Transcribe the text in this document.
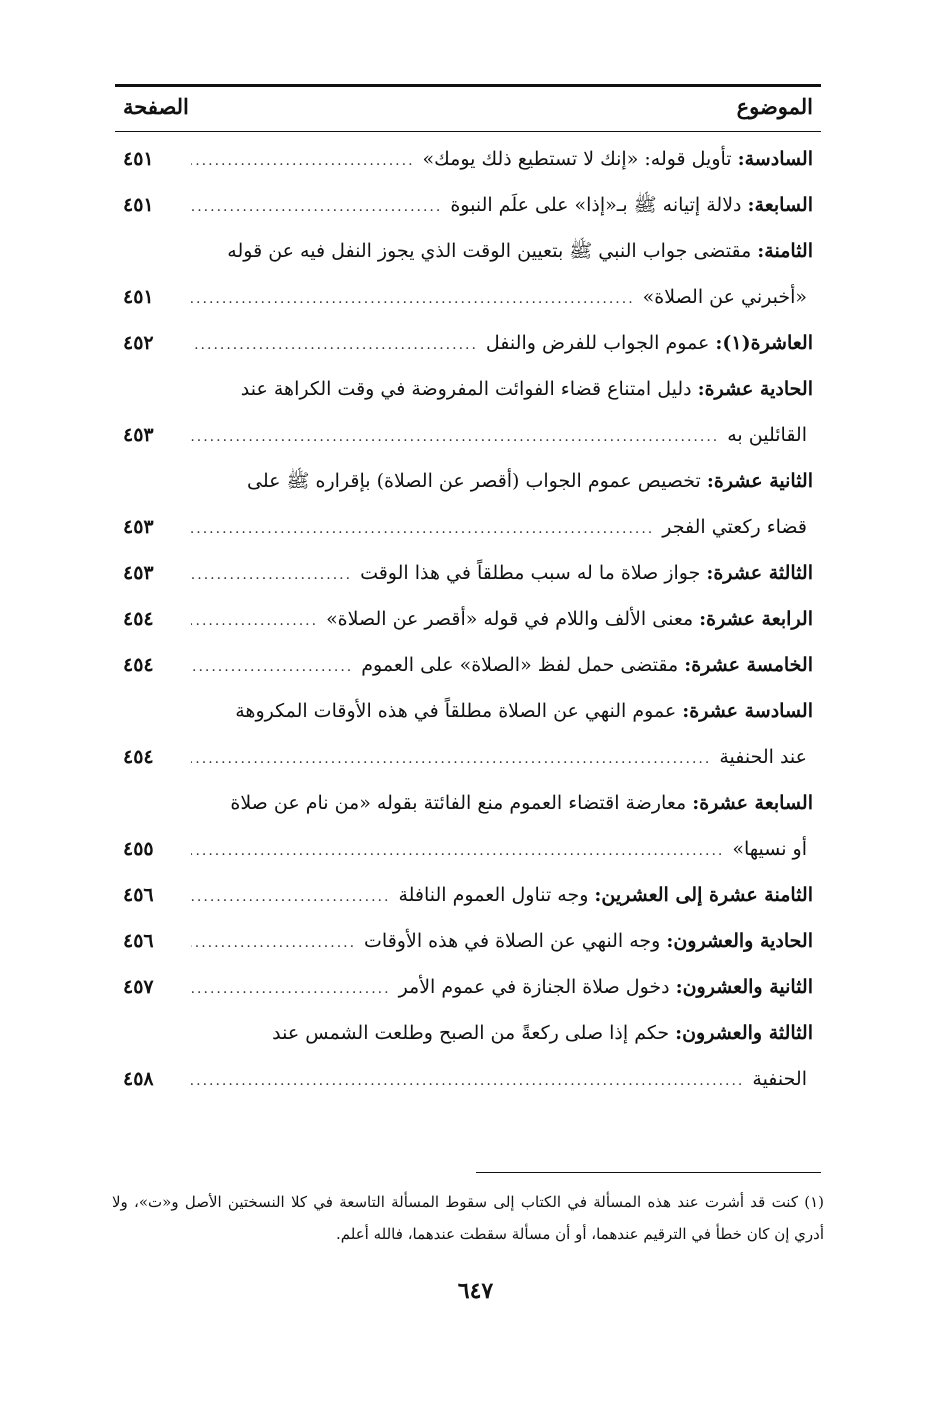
الموضوع
الصفحة
السادسة:
تأويل قوله: «إنك لا تستطيع ذلك يومك»
.....
٤٥١
السابعة:
دلالة إتيانه ﷺ بـ«إذا» على علَم النبوة
.....
٤٥١
الثامنة:
مقتضى جواب النبي ﷺ بتعيين الوقت الذي يجوز النفل فيه عن قوله
«أخبرني عن الصلاة»
.....
٤٥١
العاشرة(١):
عموم الجواب للفرض والنفل
.....
٤٥٢
الحادية عشرة:
دليل امتناع قضاء الفوائت المفروضة في وقت الكراهة عند
القائلين به
.....
٤٥٣
الثانية عشرة:
تخصيص عموم الجواب (أقصر عن الصلاة) بإقراره ﷺ على
قضاء ركعتي الفجر
.....
٤٥٣
الثالثة عشرة:
جواز صلاة ما له سبب مطلقاً في هذا الوقت
.....
٤٥٣
الرابعة عشرة:
معنى الألف واللام في قوله «أقصر عن الصلاة»
.....
٤٥٤
الخامسة عشرة:
مقتضى حمل لفظ «الصلاة» على العموم
.....
٤٥٤
السادسة عشرة:
عموم النهي عن الصلاة مطلقاً في هذه الأوقات المكروهة
عند الحنفية
.....
٤٥٤
السابعة عشرة:
معارضة اقتضاء العموم منع الفائتة بقوله «من نام عن صلاة
أو نسيها»
.....
٤٥٥
الثامنة عشرة إلى العشرين:
وجه تناول العموم النافلة
.....
٤٥٦
الحادية والعشرون:
وجه النهي عن الصلاة في هذه الأوقات
.....
٤٥٦
الثانية والعشرون:
دخول صلاة الجنازة في عموم الأمر
.....
٤٥٧
الثالثة والعشرون:
حكم إذا صلى ركعةً من الصبح وطلعت الشمس عند
الحنفية
.....
٤٥٨
(١) كنت قد أشرت عند هذه المسألة في الكتاب إلى سقوط المسألة التاسعة في كلا النسختين الأصل و«ت»، ولا أدري إن كان خطأ في الترقيم عندهما، أو أن مسألة سقطت عندهما، فالله أعلم.
٦٤٧
